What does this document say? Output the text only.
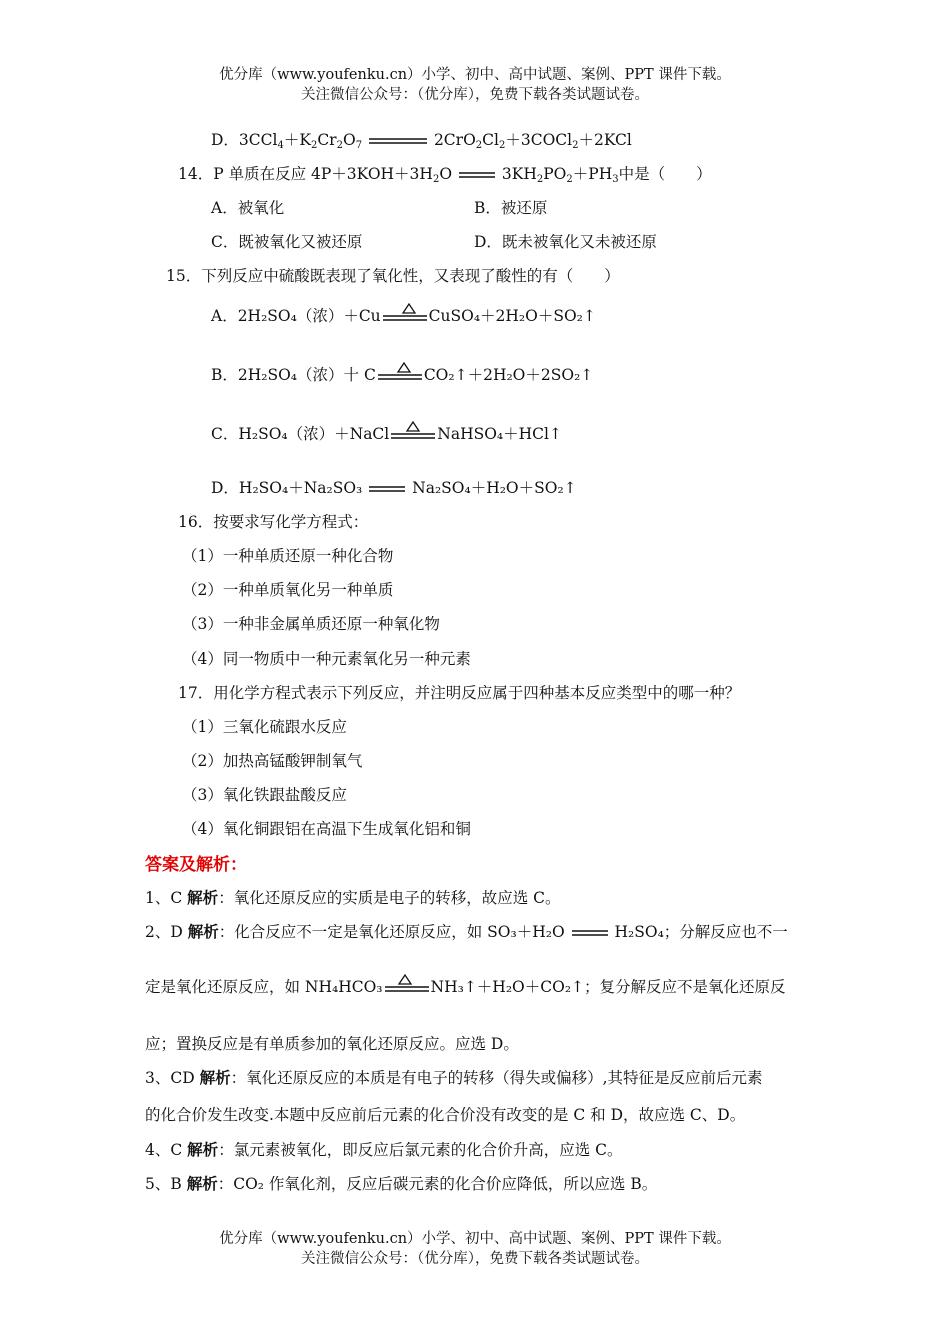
优分库（www.youfenku.cn）小学、初中、高中试题、案例、PPT 课件下载。
关注微信公众号：（优分库），免费下载各类试题试卷。
D．$3CCl_4+K_2Cr_2O_7$	$2CrO_2Cl_2+3COCl_2+2KCl$
14．P 单质在反应 $4P+3KOH+3H_2O$	$3KH_2PO_2+PH_3$中是（　　）
A．被氧化	B．被还原
C．既被氧化又被还原	D．既未被氧化又未被还原
15．下列反应中硫酸既表现了氧化性，又表现了酸性的有（　　）
A．2H₂SO₄（浓）＋Cu	CuSO₄＋2H₂O＋SO₂↑
B．2H₂SO₄（浓）十 C	CO₂↑＋2H₂O＋2SO₂↑
C．H₂SO₄（浓）＋NaCl	NaHSO₄＋HCl↑
D．H₂SO₄＋Na₂SO₃	Na₂SO₄＋H₂O＋SO₂↑
16．按要求写化学方程式：
（1）一种单质还原一种化合物
（2）一种单质氧化另一种单质
（3）一种非金属单质还原一种氧化物
（4）同一物质中一种元素氧化另一种元素
17．用化学方程式表示下列反应，并注明反应属于四种基本反应类型中的哪一种？
（1）三氧化硫跟水反应
（2）加热高锰酸钾制氧气
（3）氧化铁跟盐酸反应
（4）氧化铜跟铝在高温下生成氧化铝和铜
答案及解析：
1、C 解析：氧化还原反应的实质是电子的转移，故应选 C。
2、D 解析：化合反应不一定是氧化还原反应，如 SO₃＋H₂O	H₂SO₄；分解反应也不一
定是氧化还原反应，如 NH₄HCO₃	NH₃↑＋H₂O＋CO₂↑；复分解反应不是氧化还原反
应；置换反应是有单质参加的氧化还原反应。应选 D。
3、CD 解析：氧化还原反应的本质是有电子的转移（得失或偏移）,其特征是反应前后元素
的化合价发生改变.本题中反应前后元素的化合价没有改变的是 C 和 D，故应选 C、D。
4、C 解析：氯元素被氧化，即反应后氯元素的化合价升高，应选 C。
5、B 解析：CO₂ 作氧化剂，反应后碳元素的化合价应降低，所以应选 B。
优分库（www.youfenku.cn）小学、初中、高中试题、案例、PPT 课件下载。
关注微信公众号：（优分库），免费下载各类试题试卷。
